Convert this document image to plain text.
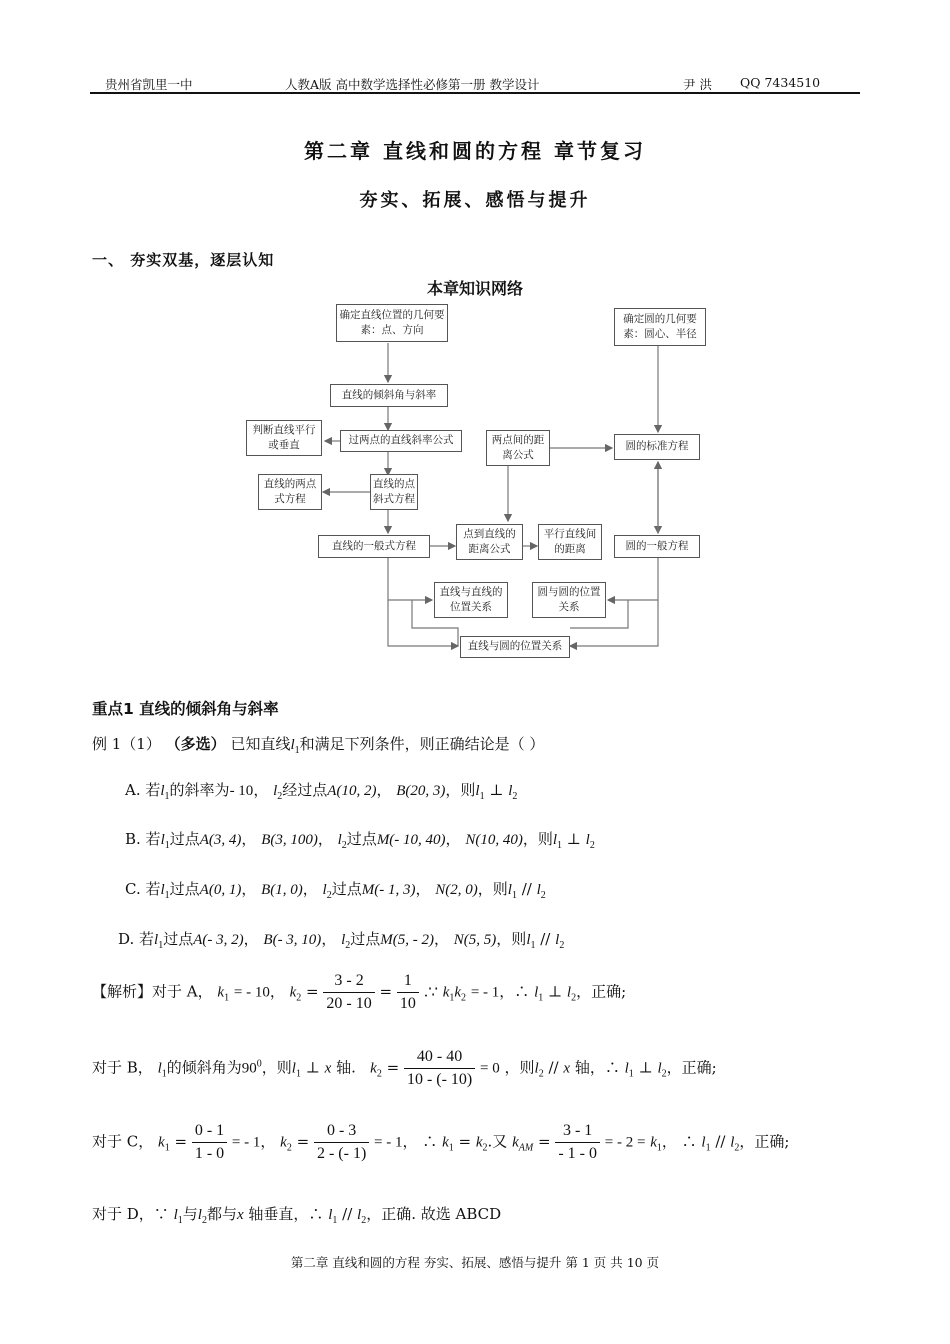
贵州省凯里一中	人教A版 高中数学选择性必修第一册 教学设计	尹 洪 QQ 7434510
第二章 直线和圆的方程 章节复习
夯实、拓展、感悟与提升
一、 夯实双基，逐层认知
本章知识网络
确定直线位置的几何要素：点、方向
确定圆的几何要素：圆心、半径
直线的倾斜角与斜率
判断直线平行或垂直	过两点的直线斜率公式	两点间的距离公式
圆的标准方程
直线的两点式方程
直线的点斜式方程
直线的一般式方程
点到直线的距离公式
平行直线间的距离	圆的一般方程
直线与直线的位置关系
圆与圆的位置关系
直线与圆的位置关系
重点1 直线的倾斜角与斜率
例 1（1） （多选） 已知直线$l_1$和满足下列条件，则正确结论是（ ）
A. 若$l_1$的斜率为- 10， $l_2$经过点A(10, 2)， B(20, 3)，则$l_1$ ⊥ $l_2$
B. 若$l_1$过点A(3, 4)， B(3, 100)， $l_2$过点M(- 10, 40)， N(10, 40)，则$l_1$ ⊥ $l_2$
C. 若$l_1$过点A(0, 1)， B(1, 0)， $l_2$过点M(- 1, 3)， N(2, 0)，则$l_1 // l_2$
D. 若$l_1$过点A(- 3, 2)， B(- 3, 10)， $l_2$过点M(5, - 2)， N(5, 5)，则$l_1 // l_2$
【解析】对于 A， $k_1$ = - 10， $k_2 = \frac{3 - 2}{20 - 10} = \frac{1}{10}$ .∵ $k_1k_2$ = - 1，∴ $l_1$ ⊥ $l_2$，正确;
对于 B， $l_1$的倾斜角为$90^0$，则$l_1$ ⊥ x 轴. $k_2 = \frac{40 - 40}{10 - (- 10)} = 0$ ，则$l_2$ // x 轴，∴ $l_1$ ⊥ $l_2$，正确;
对于 C， $k_1 = \frac{0 - 1}{1 - 0}$ = - 1， $k_2 = \frac{0 - 3}{2 - (- 1)}$ = - 1， ∴ $k_1 = k_2$.又 $k_{AM} = \frac{3 - 1}{- 1 - 0}$ = - $2 = k_1$， ∴ $l_1 // l_2$，正确;
对于 D，∵ $l_1$与$l_2$都与x 轴垂直，∴ $l_1 // l_2$，正确. 故选 ABCD
第二章 直线和圆的方程 夯实、拓展、感悟与提升 第 1 页 共 10 页
